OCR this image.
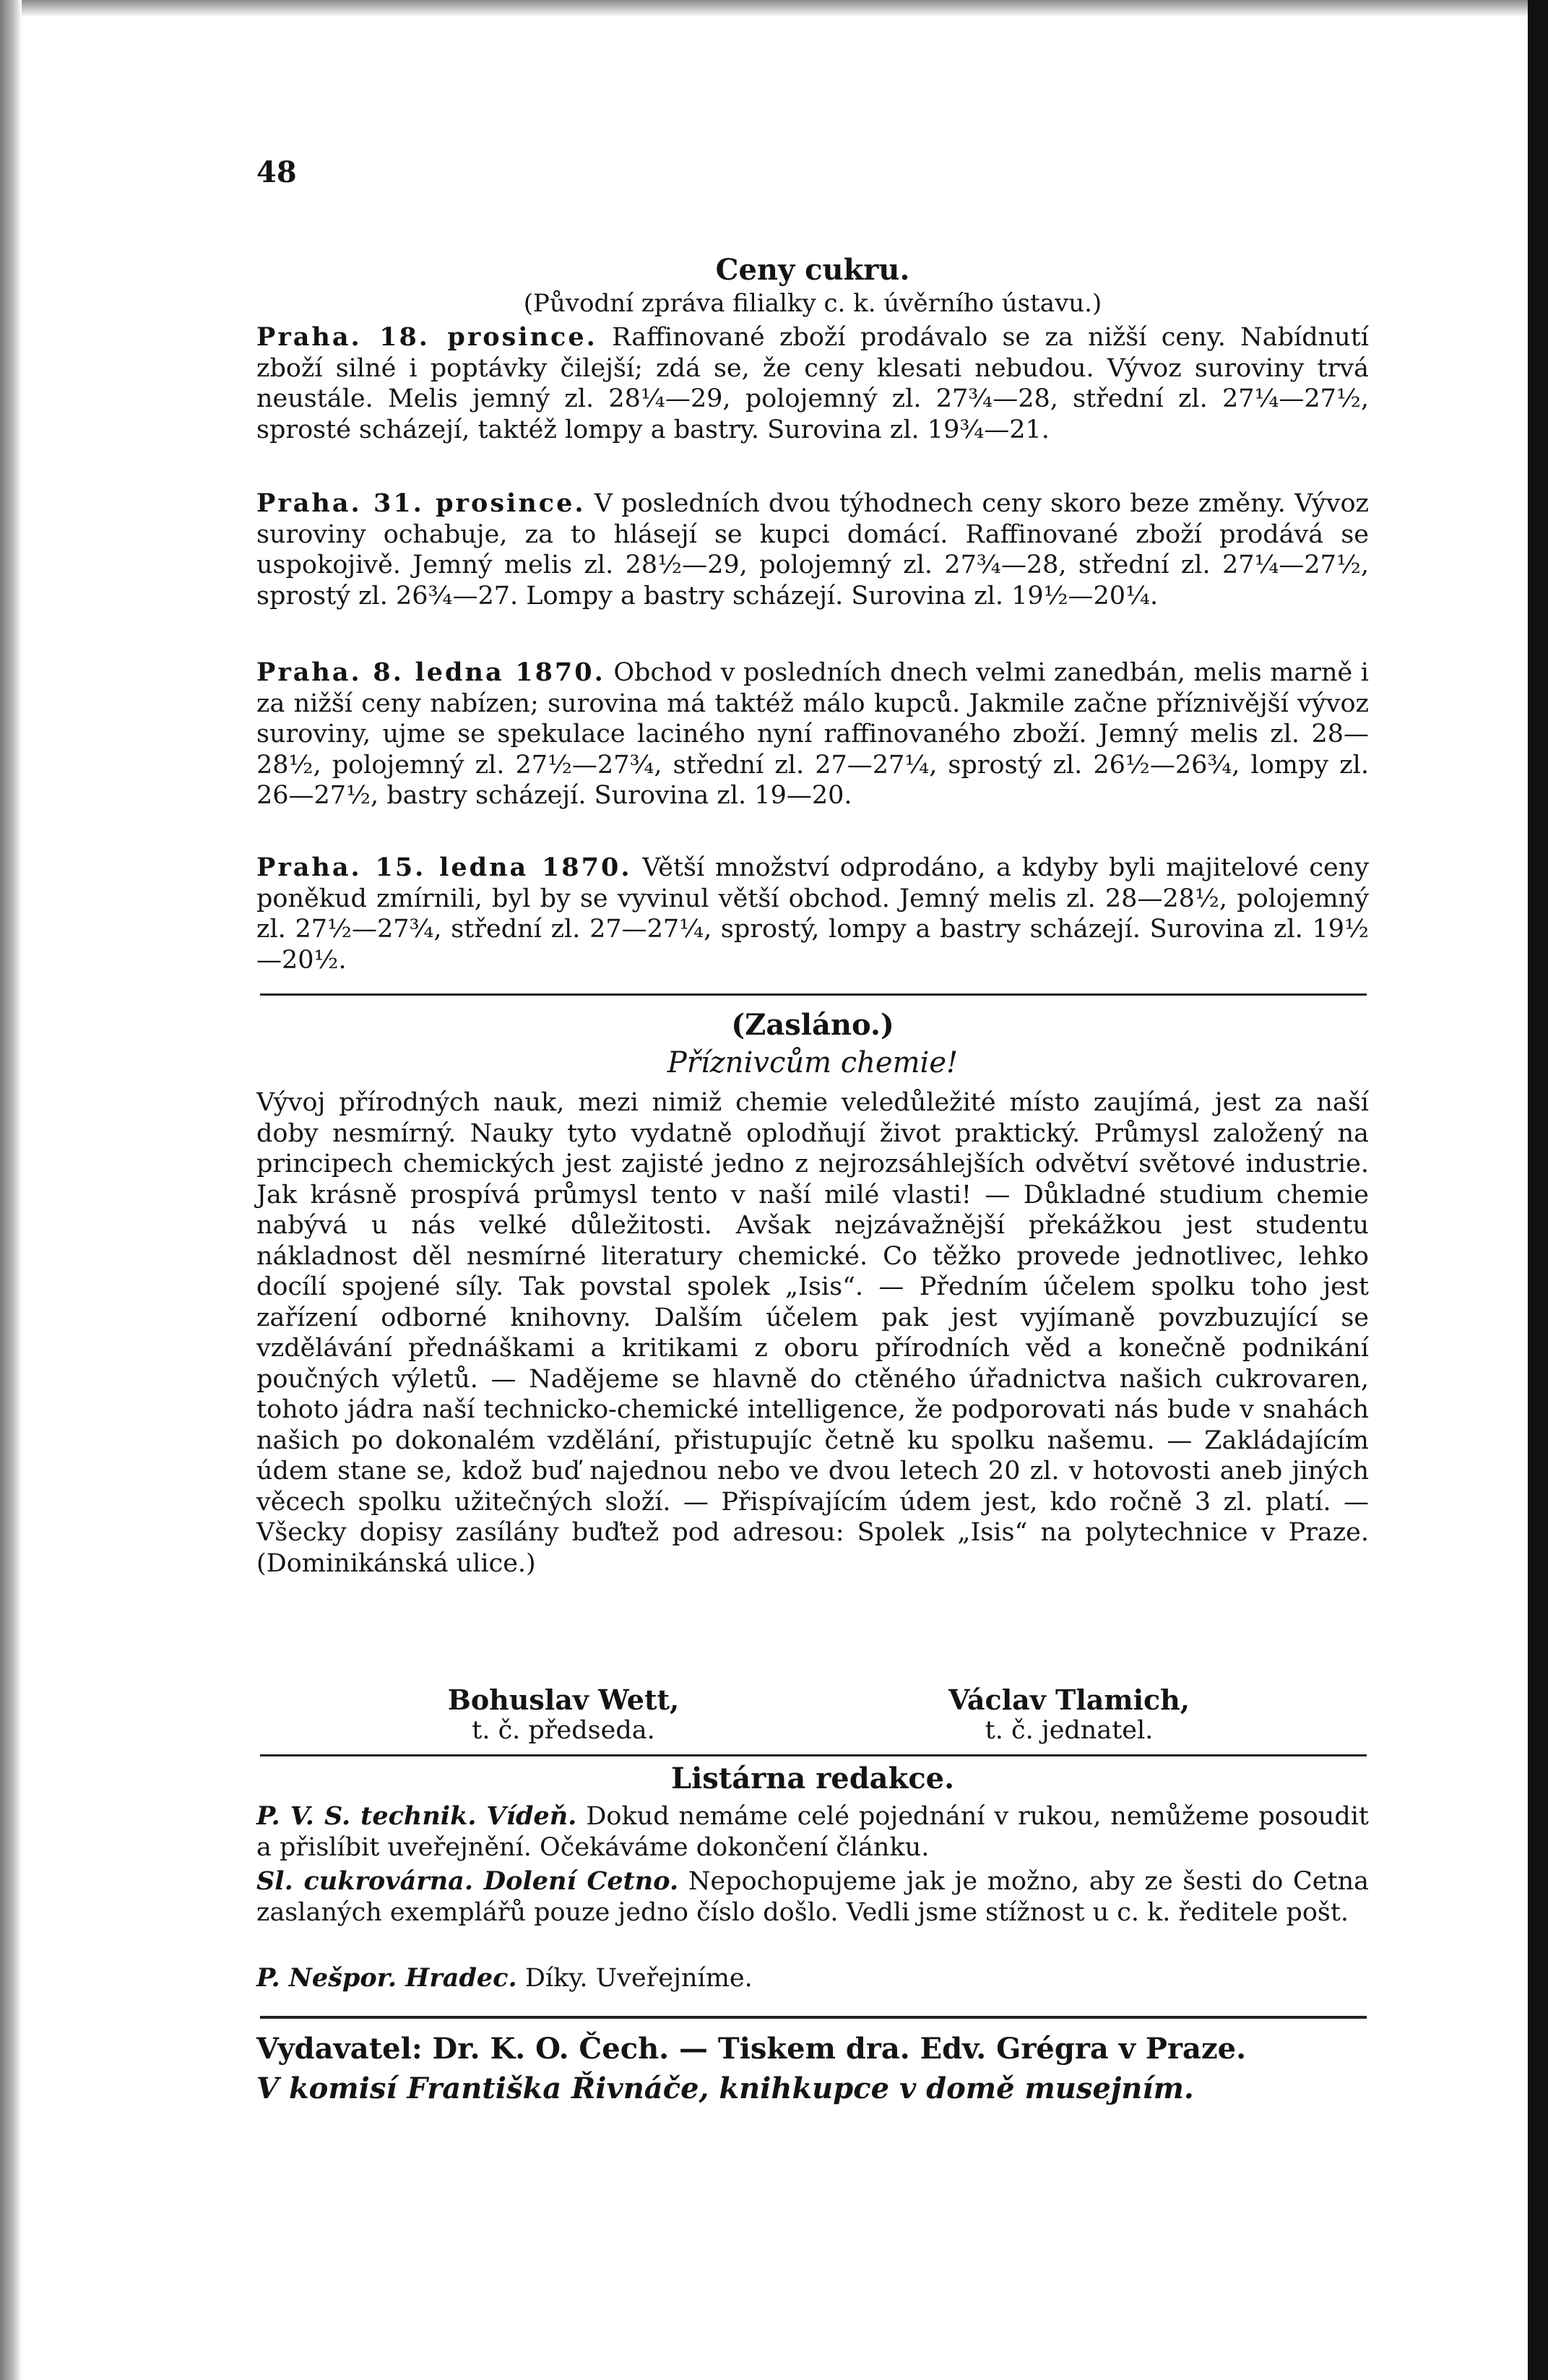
48
Ceny cukru.
(Původní zpráva filialky c. k. úvěrního ústavu.)
Praha. 18. prosince. Raffinované zboží prodávalo se za nižší ceny. Nabídnutí zboží silné i poptávky čilejší; zdá se, že ceny klesati nebudou. Vývoz suroviny trvá neustále. Melis jemný zl. 28¼—29, polojemný zl. 27¾—28, střední zl. 27¼—27½, sprosté scházejí, taktéž lompy a bastry. Surovina zl. 19¾—21.
Praha. 31. prosince. V posledních dvou týhodnech ceny skoro beze změny. Vývoz suroviny ochabuje, za to hlásejí se kupci domácí. Raffinované zboží prodává se uspokojivě. Jemný melis zl. 28½—29, polojemný zl. 27¾—28, střední zl. 27¼—27½, sprostý zl. 26¾—27. Lompy a bastry scházejí. Surovina zl. 19½—20¼.
Praha. 8. ledna 1870. Obchod v posledních dnech velmi zanedbán, melis marně i za nižší ceny nabízen; surovina má taktéž málo kupců. Jakmile začne příznivější vývoz suroviny, ujme se spekulace laciného nyní raffinovaného zboží. Jemný melis zl. 28—28½, polojemný zl. 27½—27¾, střední zl. 27—27¼, sprostý zl. 26½—26¾, lompy zl. 26—27½, bastry scházejí. Surovina zl. 19—20.
Praha. 15. ledna 1870. Větší množství odprodáno, a kdyby byli majitelové ceny poněkud zmírnili, byl by se vyvinul větší obchod. Jemný melis zl. 28—28½, polojemný zl. 27½—27¾, střední zl. 27—27¼, sprostý, lompy a bastry scházejí. Surovina zl. 19½—20½.
(Zasláno.)
Příznivcům chemie!
Vývoj přírodných nauk, mezi nimiž chemie veledůležité místo zaujímá, jest za naší doby nesmírný. Nauky tyto vydatně oplodňují život praktický. Průmysl založený na principech chemických jest zajisté jedno z nejrozsáhlejších odvětví světové industrie. Jak krásně prospívá průmysl tento v naší milé vlasti! — Důkladné studium chemie nabývá u nás velké důležitosti. Avšak nejzávažnější překážkou jest studentu nákladnost děl nesmírné literatury chemické. Co těžko provede jednotlivec, lehko docílí spojené síly. Tak povstal spolek „Isis“. — Předním účelem spolku toho jest zařízení odborné knihovny. Dalším účelem pak jest vyjímaně povzbuzující se vzdělávání přednáškami a kritikami z oboru přírodních věd a konečně podnikání poučných výletů. — Nadějeme se hlavně do ctěného úřadnictva našich cukrovaren, tohoto jádra naší technicko-chemické intelligence, že podporovati nás bude v snahách našich po dokonalém vzdělání, přistupujíc četně ku spolku našemu. — Zakládajícím údem stane se, kdož buď najednou nebo ve dvou letech 20 zl. v hotovosti aneb jiných věcech spolku užitečných složí. — Přispívajícím údem jest, kdo ročně 3 zl. platí. — Všecky dopisy zasílány buďtež pod adresou: Spolek „Isis“ na polytechnice v Praze. (Dominikánská ulice.)
Bohuslav Wett,
t. č. předseda.
Václav Tlamich,
t. č. jednatel.
Listárna redakce.
P. V. S. technik. Vídeň. Dokud nemáme celé pojednání v rukou, nemůžeme posoudit a přislíbit uveřejnění. Očekáváme dokončení článku.
Sl. cukrovárna. Dolení Cetno. Nepochopujeme jak je možno, aby ze šesti do Cetna zaslaných exemplářů pouze jedno číslo došlo. Vedli jsme stížnost u c. k. ředitele pošt.
P. Nešpor. Hradec. Díky. Uveřejníme.
Vydavatel: Dr. K. O. Čech. — Tiskem dra. Edv. Grégra v Praze.
V komisí Františka Řivnáče, knihkupce v domě musejním.
